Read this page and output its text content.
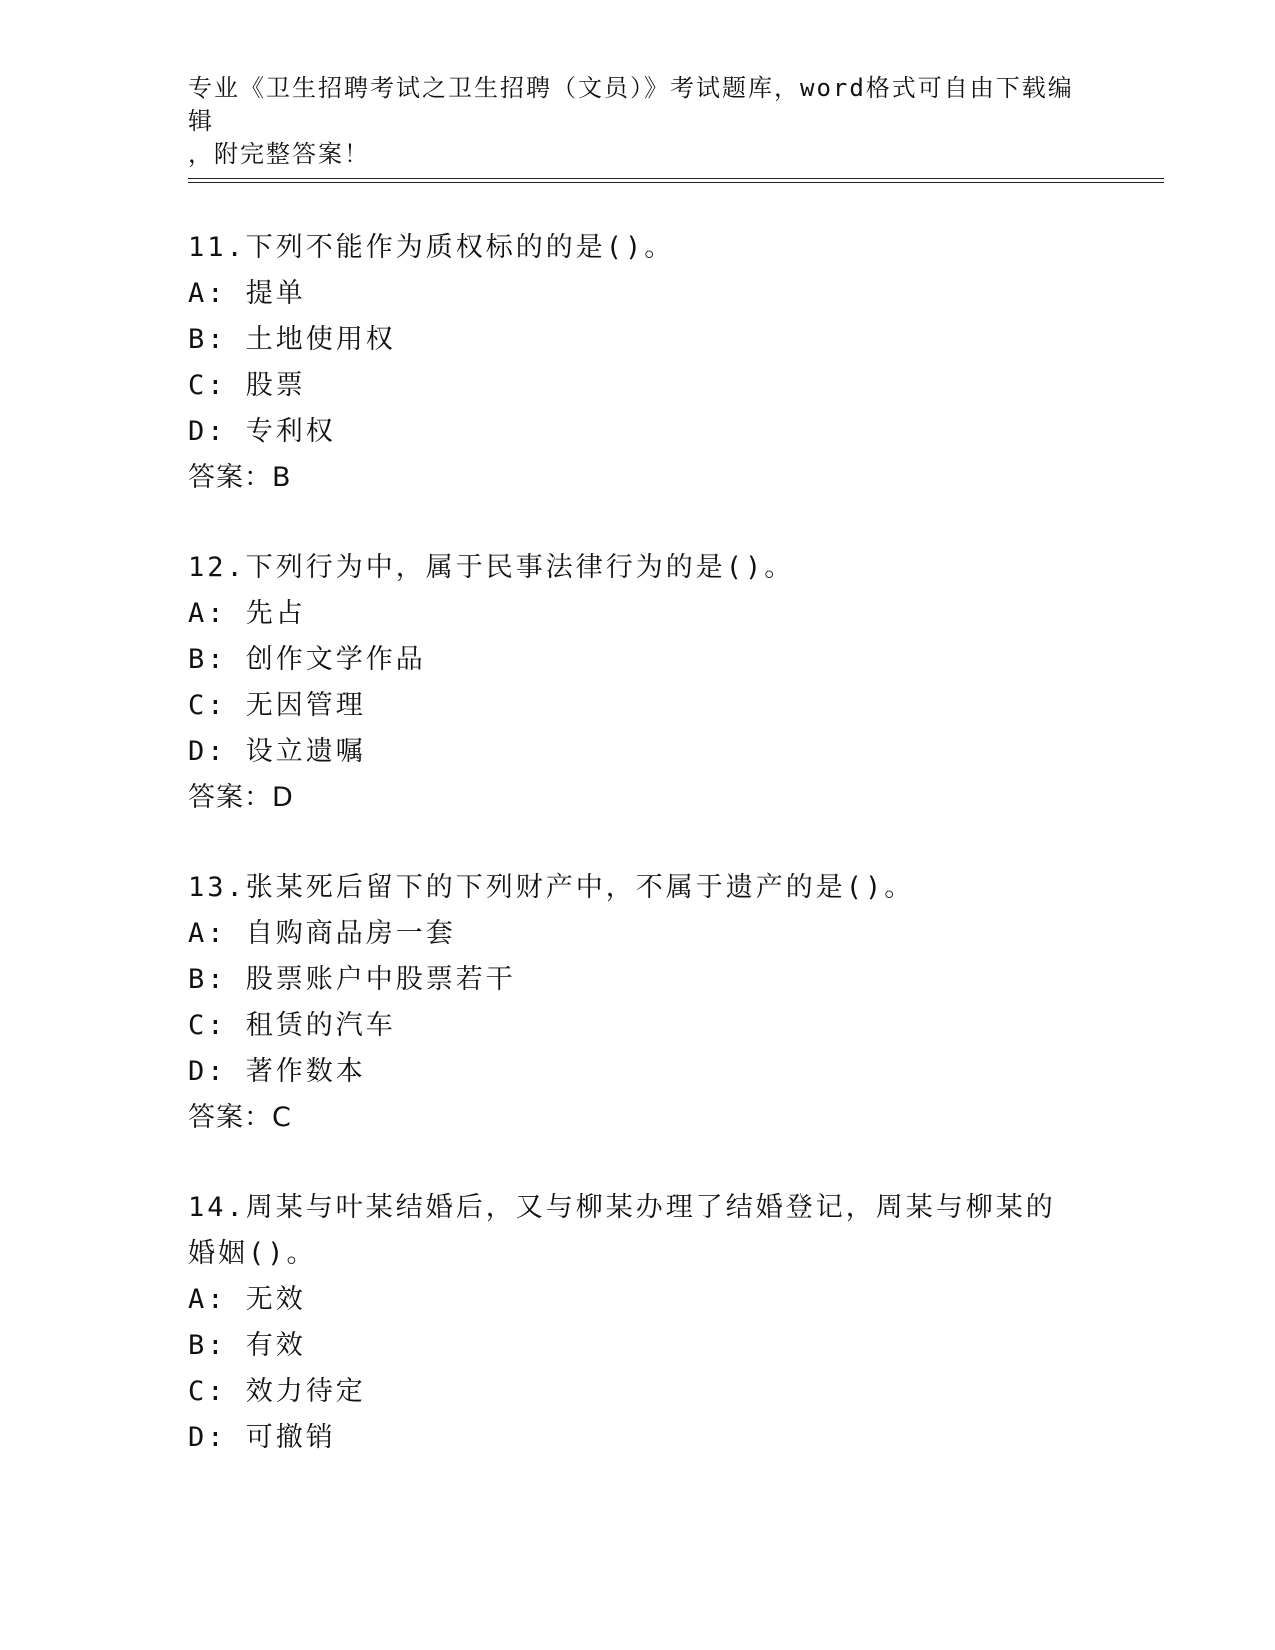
专业《卫生招聘考试之卫生招聘（文员）》考试题库，word格式可自由下载编辑
，附完整答案！

11.下列不能作为质权标的的是()。

A: 提单

B: 土地使用权

C: 股票

D: 专利权

答案：B

12.下列行为中，属于民事法律行为的是()。

A: 先占

B: 创作文学作品

C: 无因管理

D: 设立遗嘱

答案：D

13.张某死后留下的下列财产中，不属于遗产的是()。

A: 自购商品房一套

B: 股票账户中股票若干

C: 租赁的汽车

D: 著作数本

答案：C

14.周某与叶某结婚后，又与柳某办理了结婚登记，周某与柳某的婚姻()。

A: 无效

B: 有效

C: 效力待定

D: 可撤销
